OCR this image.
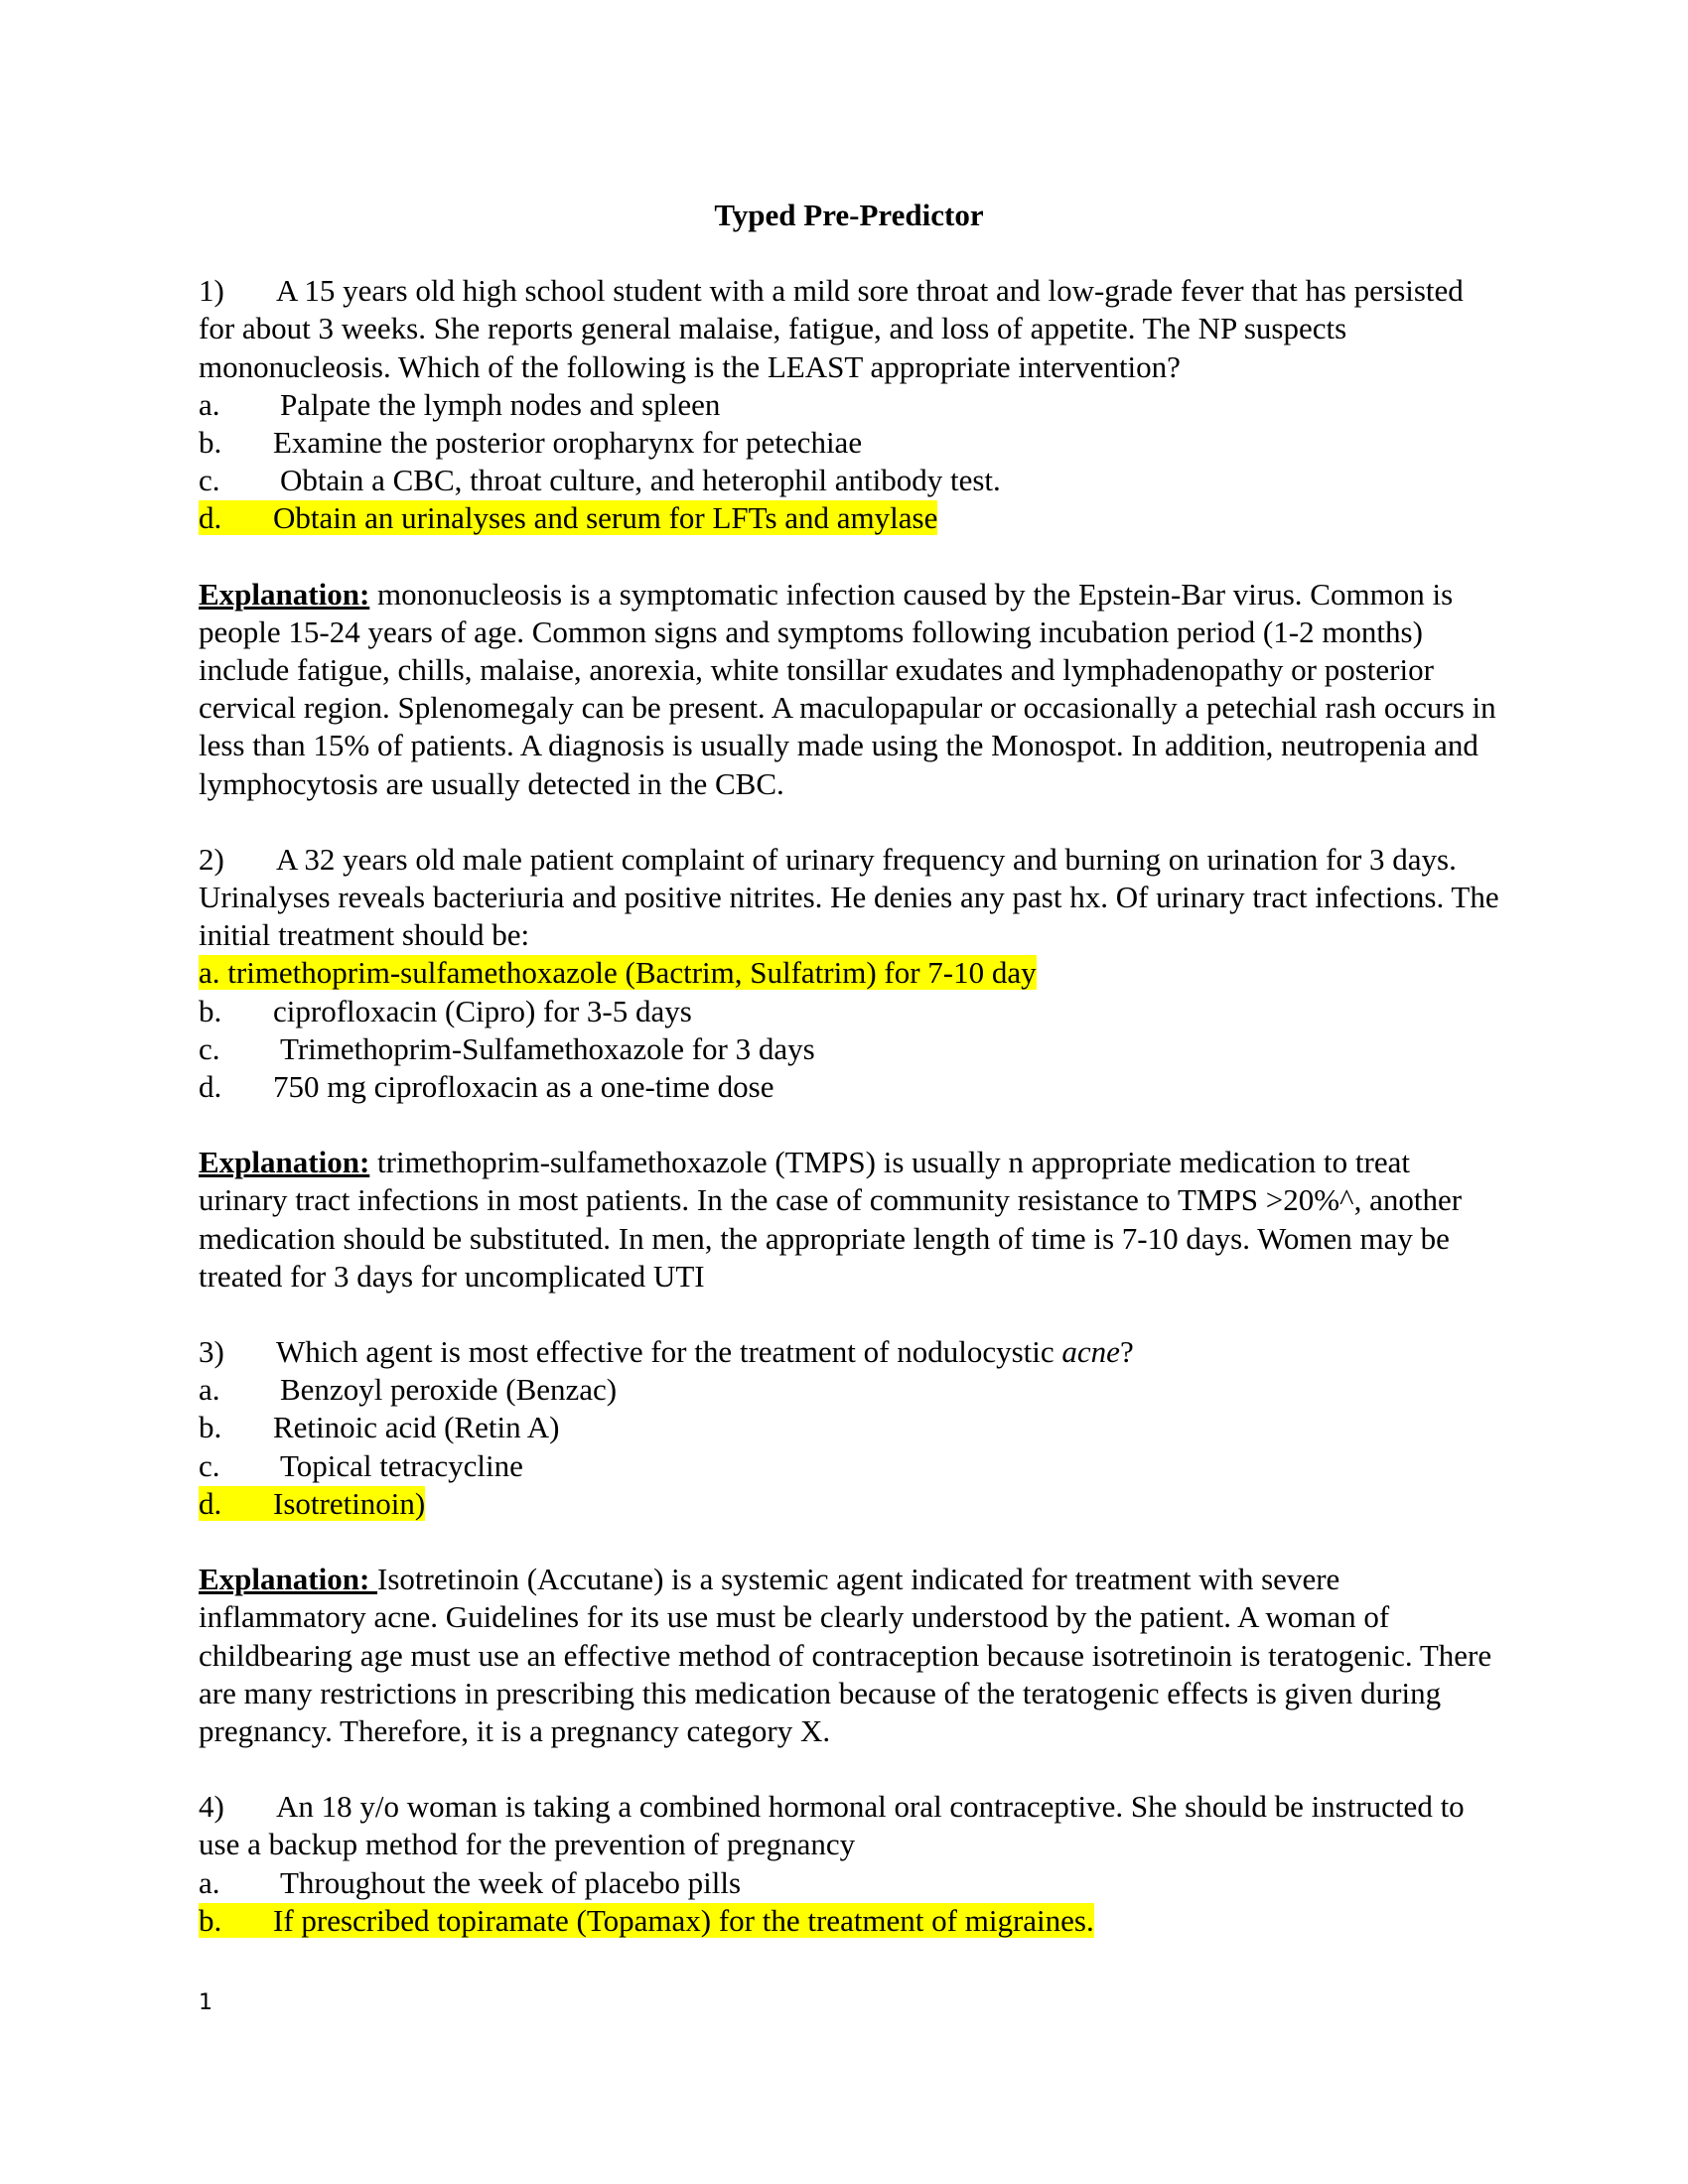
Typed Pre-Predictor

1) A 15 years old high school student with a mild sore throat and low-grade fever that has persisted for about 3 weeks. She reports general malaise, fatigue, and loss of appetite. The NP suspects mononucleosis. Which of the following is the LEAST appropriate intervention?

a. Palpate the lymph nodes and spleen

b. Examine the posterior oropharynx for petechiae

c. Obtain a CBC, throat culture, and heterophil antibody test.

d. Obtain an urinalyses and serum for LFTs and amylase

Explanation: mononucleosis is a symptomatic infection caused by the Epstein-Bar virus. Common is people 15-24 years of age. Common signs and symptoms following incubation period (1-2 months) include fatigue, chills, malaise, anorexia, white tonsillar exudates and lymphadenopathy or posterior cervical region. Splenomegaly can be present. A maculopapular or occasionally a petechial rash occurs in less than 15% of patients. A diagnosis is usually made using the Monospot. In addition, neutropenia and lymphocytosis are usually detected in the CBC.

2) A 32 years old male patient complaint of urinary frequency and burning on urination for 3 days. Urinalyses reveals bacteriuria and positive nitrites. He denies any past hx. Of urinary tract infections. The initial treatment should be:

a. trimethoprim-sulfamethoxazole (Bactrim, Sulfatrim) for 7-10 day

b. ciprofloxacin (Cipro) for 3-5 days

c. Trimethoprim-Sulfamethoxazole for 3 days

d. 750 mg ciprofloxacin as a one-time dose

Explanation: trimethoprim-sulfamethoxazole (TMPS) is usually n appropriate medication to treat urinary tract infections in most patients. In the case of community resistance to TMPS >20%^, another medication should be substituted. In men, the appropriate length of time is 7-10 days. Women may be treated for 3 days for uncomplicated UTI

3) Which agent is most effective for the treatment of nodulocystic acne?

a. Benzoyl peroxide (Benzac)

b. Retinoic acid (Retin A)

c. Topical tetracycline

d. Isotretinoin)

Explanation: Isotretinoin (Accutane) is a systemic agent indicated for treatment with severe inflammatory acne. Guidelines for its use must be clearly understood by the patient. A woman of childbearing age must use an effective method of contraception because isotretinoin is teratogenic. There are many restrictions in prescribing this medication because of the teratogenic effects is given during pregnancy. Therefore, it is a pregnancy category X.

4) An 18 y/o woman is taking a combined hormonal oral contraceptive. She should be instructed to use a backup method for the prevention of pregnancy

a. Throughout the week of placebo pills

b. If prescribed topiramate (Topamax) for the treatment of migraines.

1
